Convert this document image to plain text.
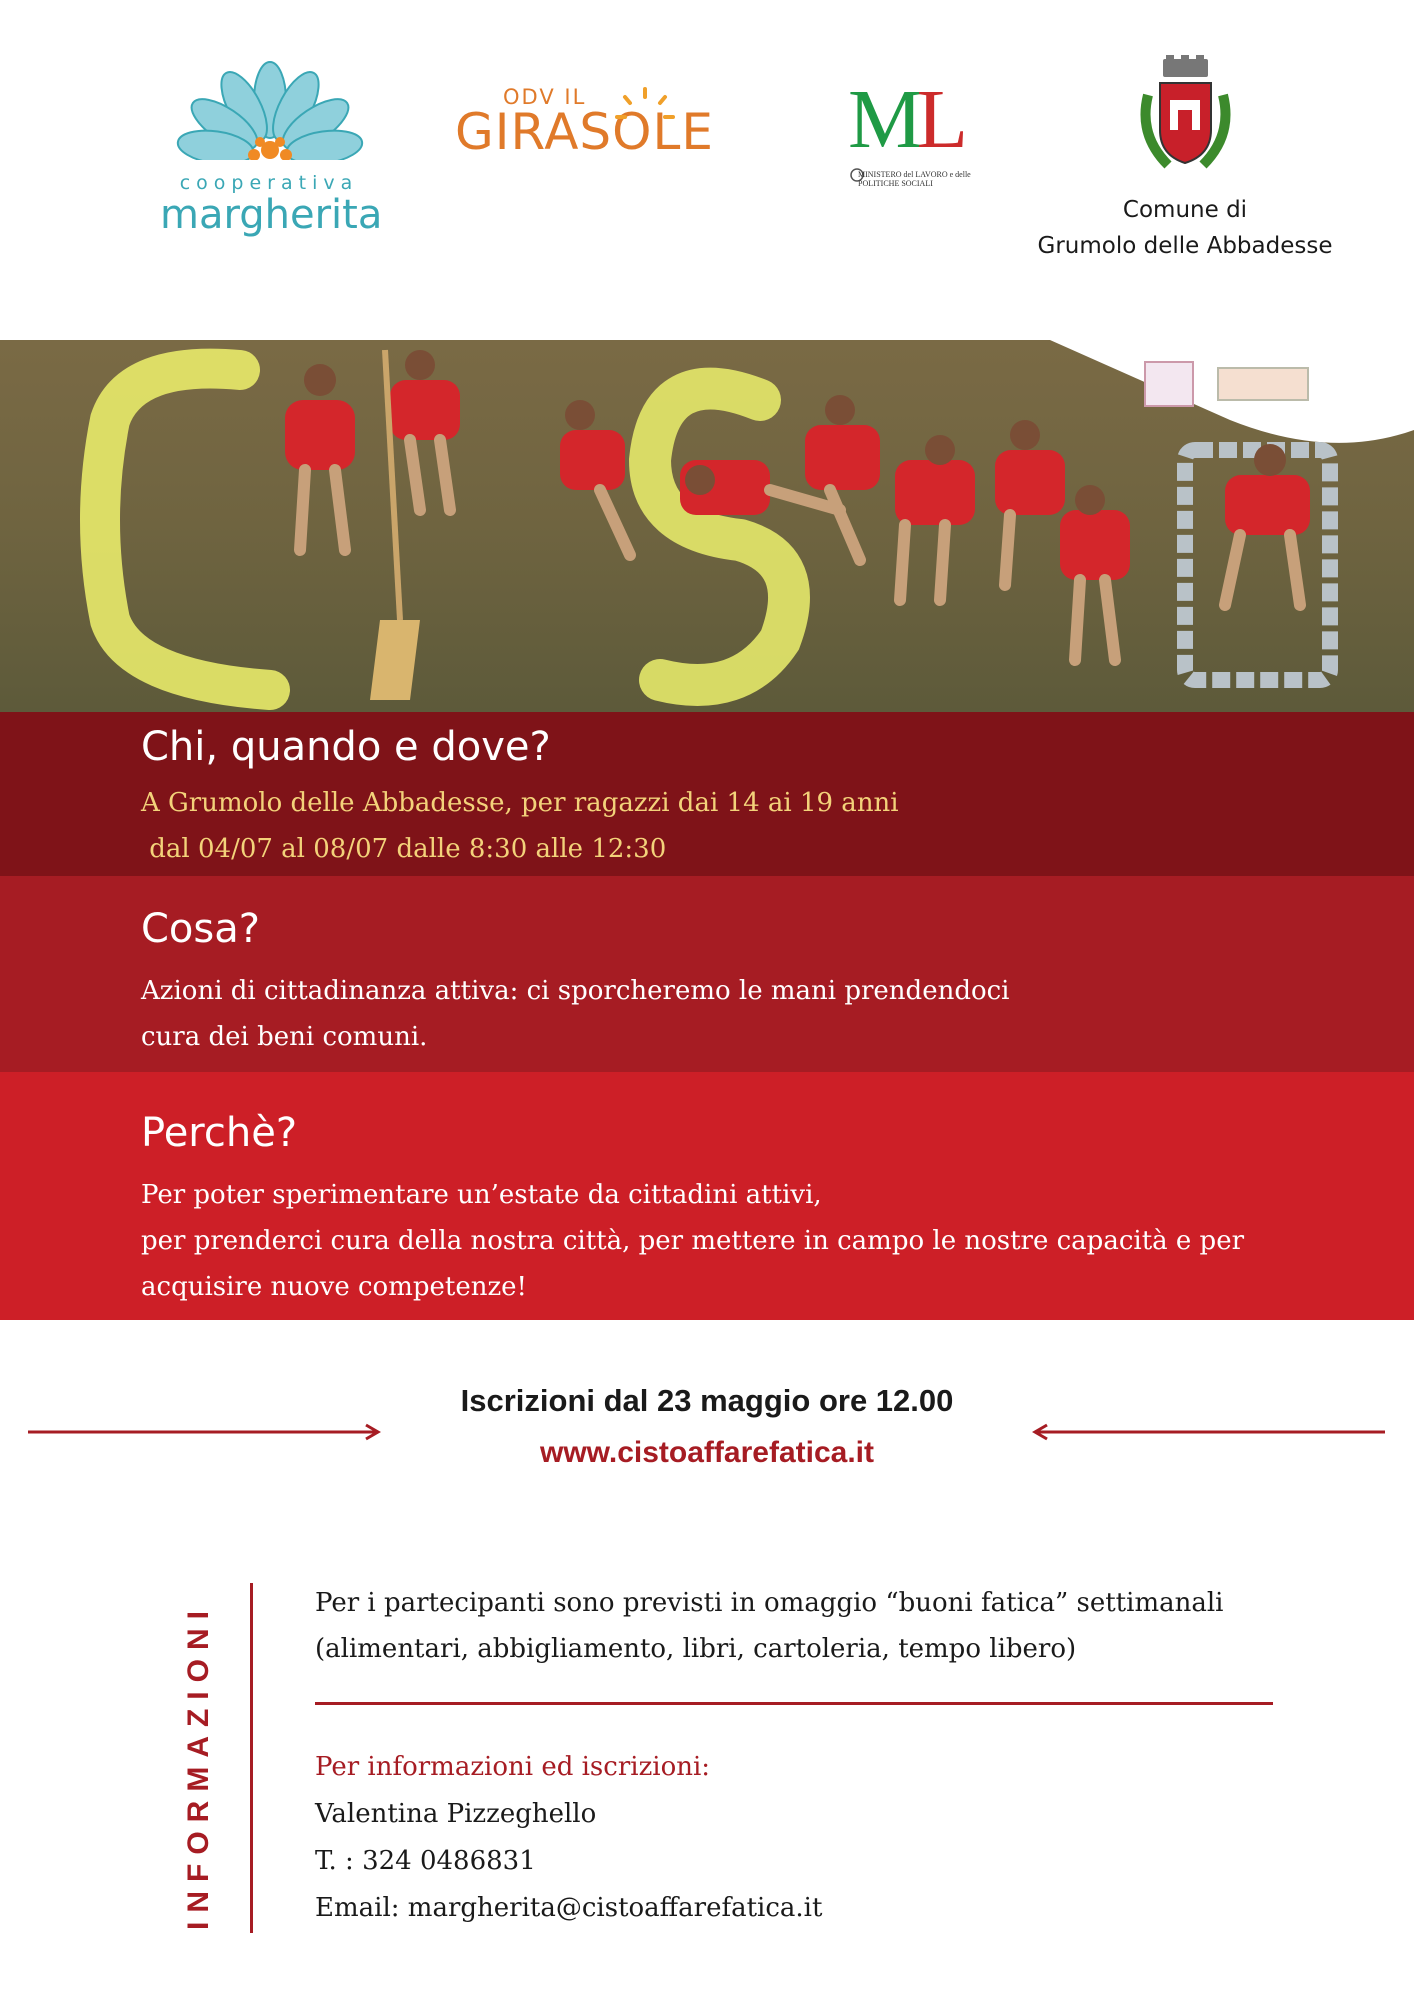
cooperativa
margherita
ODV IL
GIRASOLE ML
MINISTERO del LAVORO e delle POLITICHE SOCIALI
Comune di
Grumolo delle Abbadesse
Chi, quando e dove?
A Grumolo delle Abbadesse, per ragazzi dai 14 ai 19 anni
dal 04/07 al 08/07 dalle 8:30 alle 12:30
Cosa?
Azioni di cittadinanza attiva: ci sporcheremo le mani prendendoci
cura dei beni comuni.
Perchè?
Per poter sperimentare un’estate da cittadini attivi,
per prenderci cura della nostra città, per mettere in campo le nostre capacità e per
acquisire nuove competenze!
Iscrizioni dal 23 maggio ore 12.00
www.cistoaffarefatica.it
INFORMAZIONI	Per i partecipanti sono previsti in omaggio “buoni fatica” settimanali
(alimentari, abbigliamento, libri, cartoleria, tempo libero)
Per informazioni ed iscrizioni:
Valentina Pizzeghello
T. : 324 0486831
Email: margherita@cistoaffarefatica.it
